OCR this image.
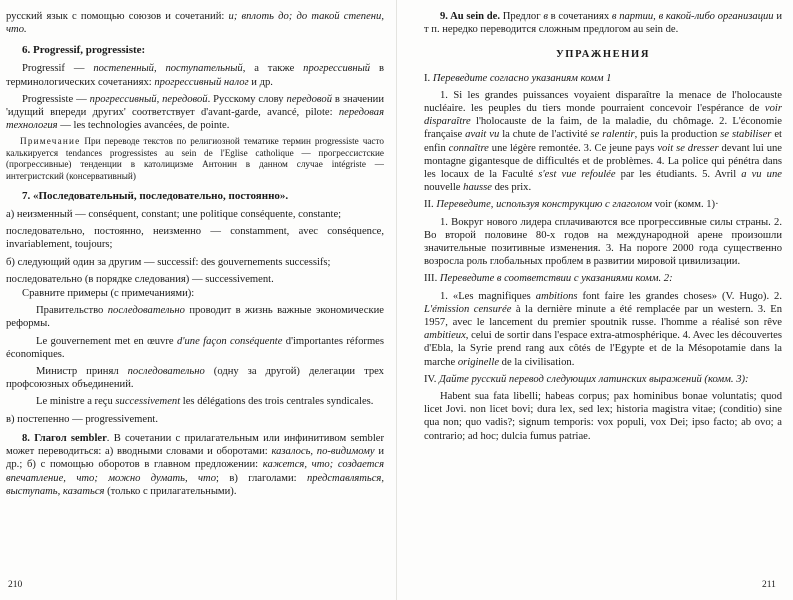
русский язык с помощью союзов и сочетаний: и; вплоть до; до такой степени, что.

6. Progressif, progressiste:

Progressif — постепенный, поступательный, а также прогрессивный в терминологических сочетаниях: прогрессивный налог и др.

Progressiste — прогрессивный, передовой. Русскому слову передовой в значении 'идущий впереди других' соответствует d'avant-garde, avancé, pilote: передовая технология — les technologies avancées, de pointe.

Примечание При переводе текстов по религиозной тематике термин progressiste часто калькируется tendances progressistes au sein de l'Eglise catholique — прогрессистские (прогрессивные) тенденции в католицизме Антонин в данном случае intégriste — интегристский (консервативный)

7. «Последовательный, последовательно, постоянно».

а) неизменный — conséquent, constant; une politique conséquente, constante;

последовательно, постоянно, неизменно — constamment, avec conséquence, invariablement, toujours;

б) следующий один за другим — successif: des gouvernements successifs;

последовательно (в порядке следования) — successivement.

Сравните примеры (с примечаниями):

Правительство последовательно проводит в жизнь важные экономические реформы.

Le gouvernement met en œuvre d'une façon conséquente d'importantes réformes économiques.

Министр принял последовательно (одну за другой) делегации трех профсоюзных объединений.

Le ministre a reçu successivement les délégations des trois centrales syndicales.

в) постепенно — progressivement.

8. Глагол sembler. В сочетании с прилагательным или инфинитивом sembler может переводиться: а) вводными словами и оборотами: казалось, по-видимому и др.; б) с помощью оборотов в главном предложении: кажется, что; создается впечатление, что; можно думать, что; в) глаголами: представляться, выступать, казаться (только с прилагательными).

210

9. Au sein de. Предлог в в сочетаниях в партии, в какой-либо организации и т п. нередко переводится сложным предлогом au sein de.

УПРАЖНЕНИЯ

I. Переведите согласно указаниям комм 1

1. Si les grandes puissances voyaient disparaître la menace de l'holocauste nucléaire. les peuples du tiers monde pourraient concevoir l'espérance de voir disparaître l'holocauste de la faim, de la maladie, du chômage. 2. L'économie française avait vu la chute de l'activité se ralentir, puis la production se stabiliser et enfin connaître une légère remontée. 3. Ce jeune pays voit se dresser devant lui une montagne gigantesque de difficultés et de problèmes. 4. La police qui pénétra dans les locaux de la Faculté s'est vue refoulée par les étudiants. 5. Avril a vu une nouvelle hausse des prix.

II. Переведите, используя конструкцию с глаголом voir (комм. 1)·

1. Вокруг нового лидера сплачиваются все прогрессивные силы страны. 2. Во второй половине 80-х годов на международной арене произошли значительные позитивные изменения. 3. На пороге 2000 года существенно возросла роль глобальных проблем в развитии мировой цивилизации.

III. Переведите в соответствии с указаниями комм. 2:

1. «Les magnifiques ambitions font faire les grandes choses» (V. Hugo). 2. L'émission censurée à la dernière minute a été remplacée par un western. 3. En 1957, avec le lancement du premier spoutnik russe. l'homme a réalisé son rêve ambitieux, celui de sortir dans l'espace extra-atmosphérique. 4. Avec les découvertes d'Ebla, la Syrie prend rang aux côtés de l'Egypte et de la Mésopotamie dans la marche originelle de la civilisation.

IV. Дайте русский перевод следующих латинских выражений (комм. 3):

Habent sua fata libelli; habeas corpus; pax hominibus bonae voluntatis; quod licet Jovi. non licet bovi; dura lex, sed lex; historia magistra vitae; (conditio) sine qua non; quo vadis?; signum temporis: vox populi, vox Dei; ipso facto; ab ovo; a contrario; ad hoc; dulcia fumus patriae.

211
